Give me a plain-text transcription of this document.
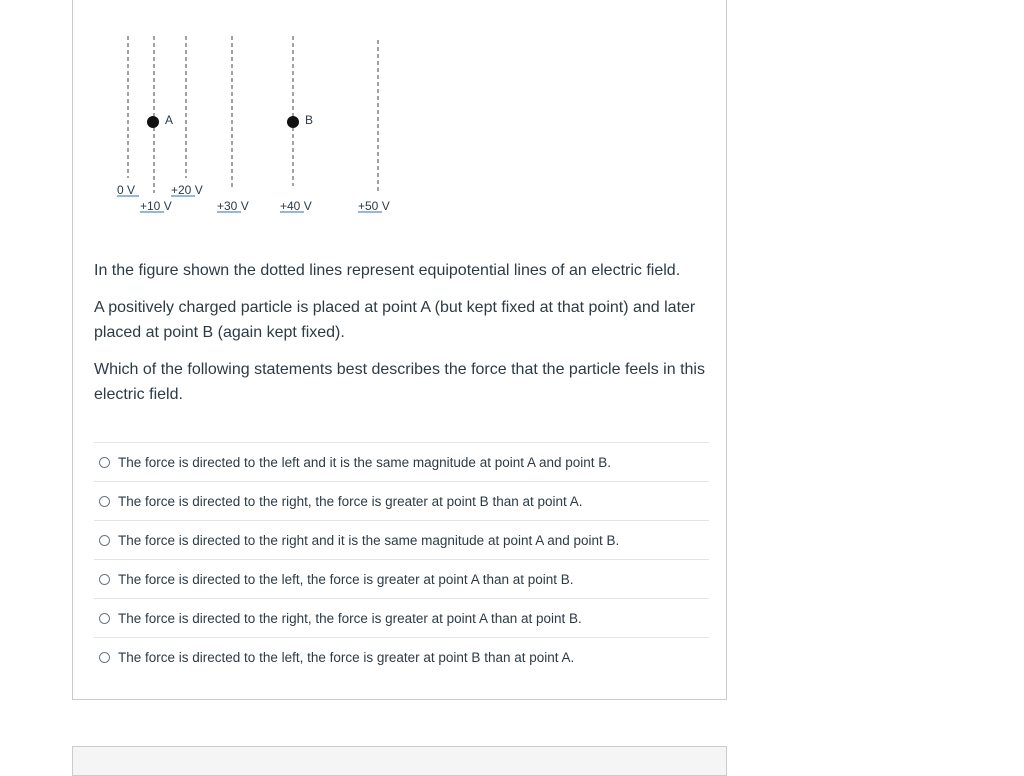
A	B
0 V	+20 V
+10 V	+30 V	+40 V	+50 V

In the figure shown the dotted lines represent equipotential lines of an electric field.

A positively charged particle is placed at point A (but kept fixed at that point) and later placed at point B (again kept fixed).

Which of the following statements best describes the force that the particle feels in this electric field.

The force is directed to the left and it is the same magnitude at point A and point B.
The force is directed to the right, the force is greater at point B than at point A.
The force is directed to the right and it is the same magnitude at point A and point B.
The force is directed to the left, the force is greater at point A than at point B.
The force is directed to the right, the force is greater at point A than at point B.
The force is directed to the left, the force is greater at point B than at point A.
